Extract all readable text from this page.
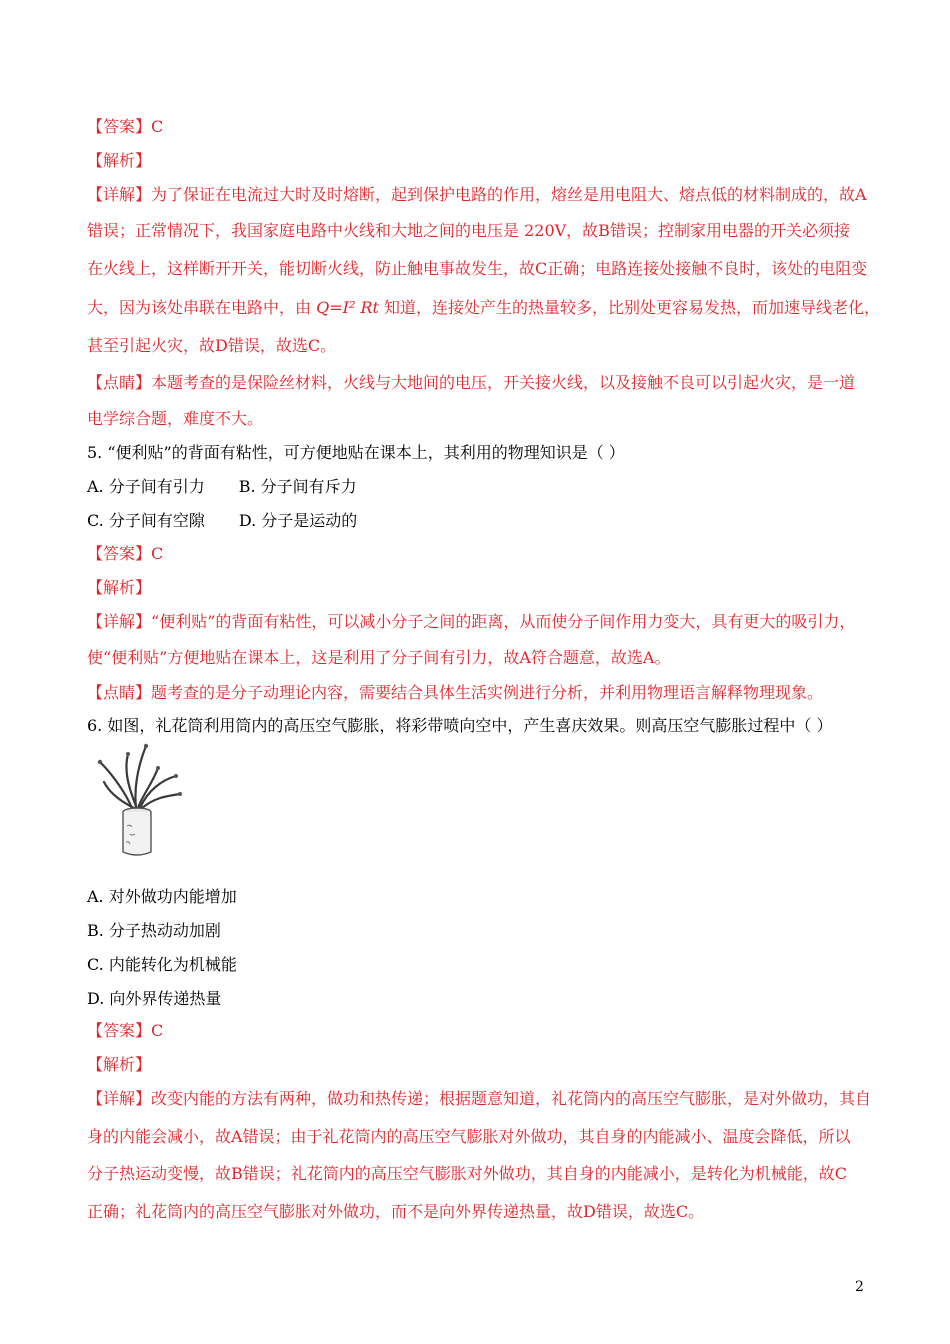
【答案】C
【解析】
【详解】为了保证在电流过大时及时熔断，起到保护电路的作用，熔丝是用电阻大、熔点低的材料制成的，故A
错误；正常情况下，我国家庭电路中火线和大地之间的电压是 220V，故B错误；控制家用电器的开关必须接
在火线上，这样断开开关，能切断火线，防止触电事故发生，故C正确；电路连接处接触不良时，该处的电阻变
大，因为该处串联在电路中，由 Q=I² Rt 知道，连接处产生的热量较多，比别处更容易发热，而加速导线老化，
甚至引起火灾，故D错误，故选C。
【点睛】本题考查的是保险丝材料，火线与大地间的电压，开关接火线，以及接触不良可以引起火灾，是一道
电学综合题，难度不大。
5. “便利贴”的背面有粘性，可方便地贴在课本上，其利用的物理知识是（ ）
A. 分子间有引力 B. 分子间有斥力
C. 分子间有空隙 D. 分子是运动的
【答案】C
【解析】
【详解】“便利贴”的背面有粘性，可以减小分子之间的距离，从而使分子间作用力变大，具有更大的吸引力，
使“便利贴”方便地贴在课本上，这是利用了分子间有引力，故A符合题意，故选A。
【点睛】题考查的是分子动理论内容，需要结合具体生活实例进行分析，并利用物理语言解释物理现象。
6. 如图，礼花筒利用筒内的高压空气膨胀，将彩带喷向空中，产生喜庆效果。则高压空气膨胀过程中（ ）
A. 对外做功内能增加
B. 分子热动动加剧
C. 内能转化为机械能
D. 向外界传递热量
【答案】C
【解析】
【详解】改变内能的方法有两种，做功和热传递；根据题意知道，礼花筒内的高压空气膨胀，是对外做功，其自
身的内能会减小，故A错误；由于礼花筒内的高压空气膨胀对外做功，其自身的内能减小、温度会降低，所以
分子热运动变慢，故B错误；礼花筒内的高压空气膨胀对外做功，其自身的内能减小，是转化为机械能，故C
正确；礼花筒内的高压空气膨胀对外做功，而不是向外界传递热量，故D错误，故选C。
2
